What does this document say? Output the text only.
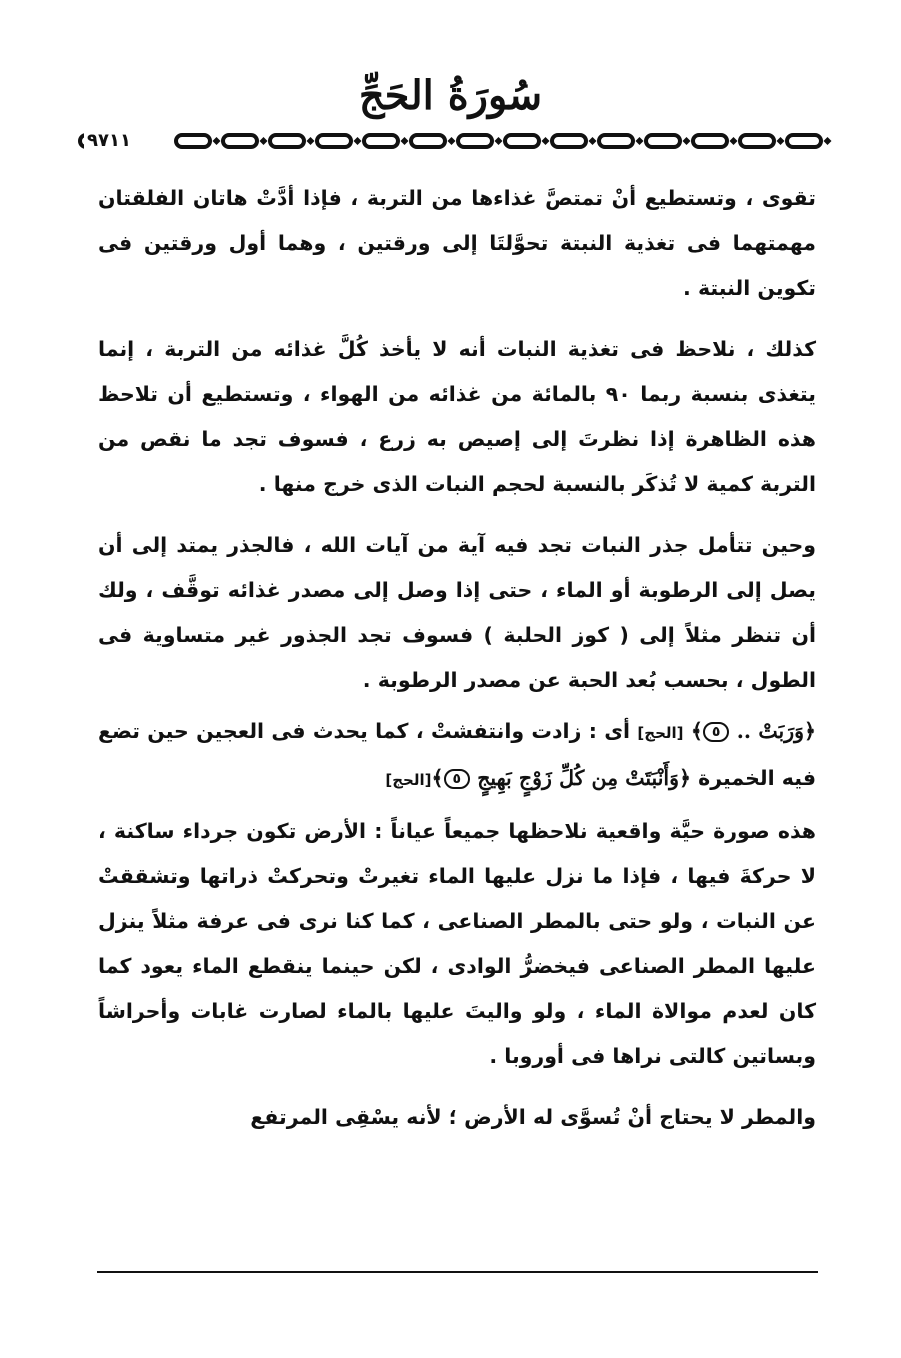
سُورَةُ الحَجِّ
٩٧١١

تقوى ، وتستطيع أنْ تمتصَّ غذاءها من التربة ، فإذا أدَّتْ هاتان الفلقتان مهمتهما فى تغذية النبتة تحوَّلتَا إلى ورقتين ، وهما أول ورقتين فى تكوين النبتة .

كذلك ، نلاحظ فى تغذية النبات أنه لا يأخذ كُلَّ غذائه من التربة ، إنما يتغذى بنسبة ربما ٩٠ بالمائة من غذائه من الهواء ، وتستطيع أن تلاحظ هذه الظاهرة إذا نظرتَ إلى إصيص به زرع ، فسوف تجد ما نقص من التربة كمية لا تُذكَر بالنسبة لحجم النبات الذى خرج منها .

وحين تتأمل جذر النبات تجد فيه آية من آيات الله ، فالجذر يمتد إلى أن يصل إلى الرطوبة أو الماء ، حتى إذا وصل إلى مصدر غذائه توقَّف ، ولك أن تنظر مثلاً إلى ( كوز الحلبة ) فسوف تجد الجذور غير متساوية فى الطول ، بحسب بُعد الحبة عن مصدر الرطوبة .

﴿وَرَبَتْ .. ٥﴾ [الحج] أى : زادت وانتفشتْ ، كما يحدث فى العجين حين تضع فيه الخميرة ﴿وَأَنْبَتَتْ مِن كُلِّ زَوْجٍ بَهِيجٍ ٥﴾[الحج]

هذه صورة حيَّة واقعية نلاحظها جميعاً عياناً : الأرض تكون جرداء ساكنة ، لا حركةَ فيها ، فإذا ما نزل عليها الماء تغيرتْ وتحركتْ ذراتها وتشققتْ عن النبات ، ولو حتى بالمطر الصناعى ، كما كنا نرى فى عرفة مثلاً ينزل عليها المطر الصناعى فيخضرُّ الوادى ، لكن حينما ينقطع الماء يعود كما كان لعدم موالاة الماء ، ولو واليتَ عليها بالماء لصارت غابات وأحراشاً وبساتين كالتى نراها فى أوروبا .

والمطر لا يحتاج أنْ تُسوَّى له الأرض ؛ لأنه يسْقِى المرتفع
